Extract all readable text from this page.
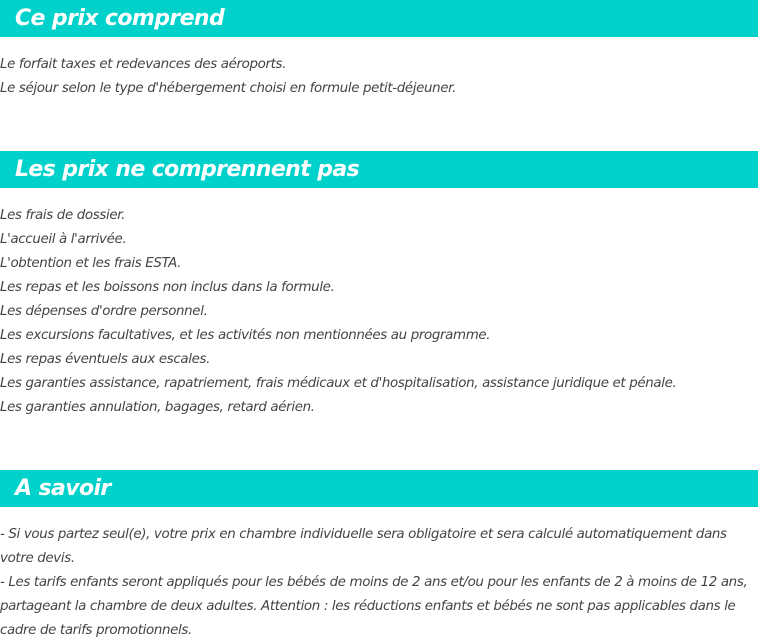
Ce prix comprend
Le forfait taxes et redevances des aéroports.
Le séjour selon le type d'hébergement choisi en formule petit-déjeuner.
Les prix ne comprennent pas
Les frais de dossier.
L'accueil à l'arrivée.
L'obtention et les frais ESTA.
Les repas et les boissons non inclus dans la formule.
Les dépenses d'ordre personnel.
Les excursions facultatives, et les activités non mentionnées au programme.
Les repas éventuels aux escales.
Les garanties assistance, rapatriement, frais médicaux et d'hospitalisation, assistance juridique et pénale.
Les garanties annulation, bagages, retard aérien.
A savoir
- Si vous partez seul(e), votre prix en chambre individuelle sera obligatoire et sera calculé automatiquement dans votre devis.
- Les tarifs enfants seront appliqués pour les bébés de moins de 2 ans et/ou pour les enfants de 2 à moins de 12 ans, partageant la chambre de deux adultes. Attention : les réductions enfants et bébés ne sont pas applicables dans le cadre de tarifs promotionnels.
